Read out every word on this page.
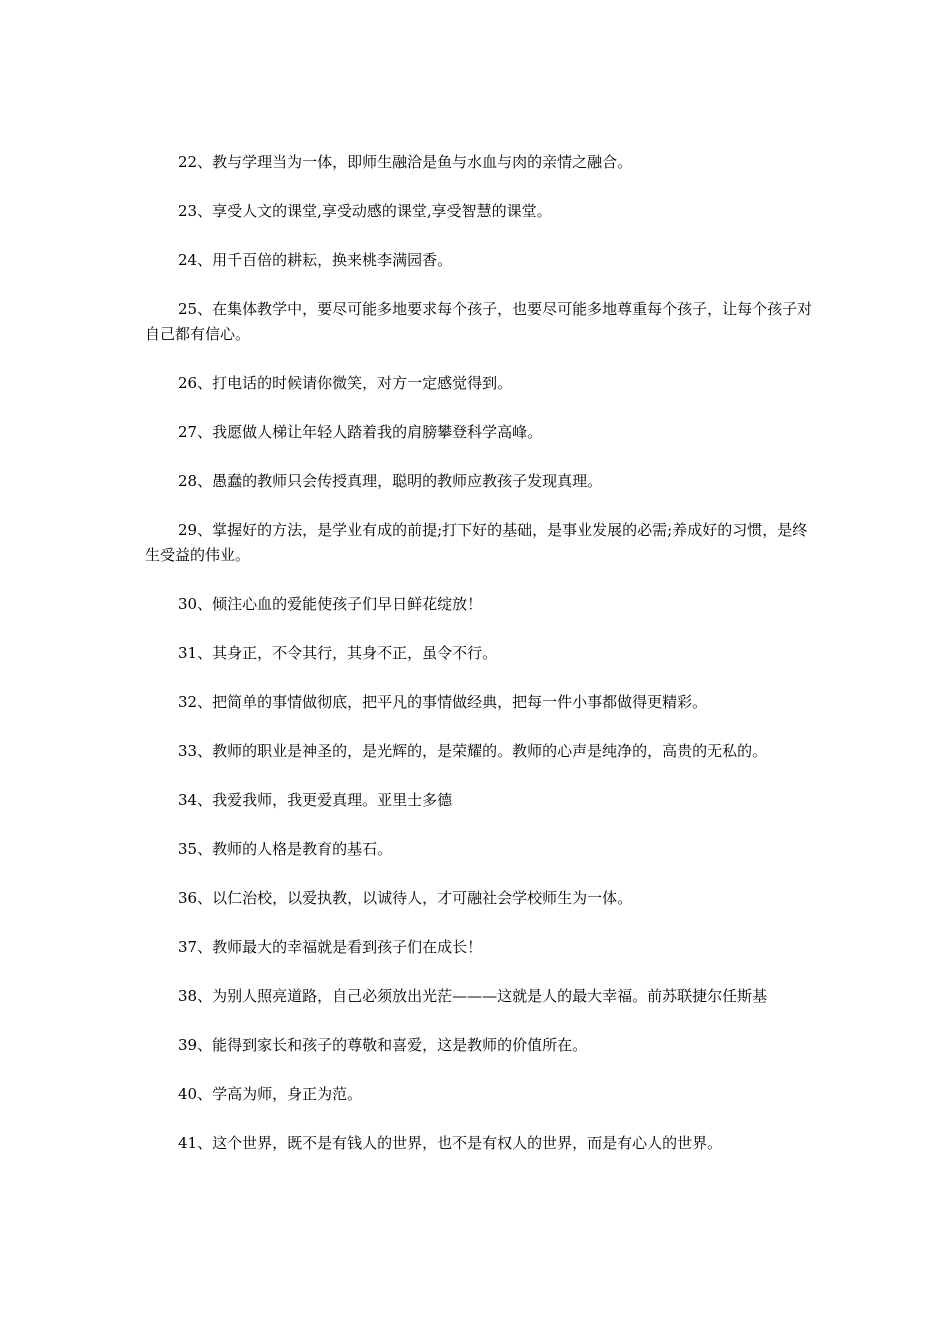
22、教与学理当为一体，即师生融洽是鱼与水血与肉的亲情之融合。

23、享受人文的课堂,享受动感的课堂,享受智慧的课堂。

24、用千百倍的耕耘，换来桃李满园香。

25、在集体教学中，要尽可能多地要求每个孩子，也要尽可能多地尊重每个孩子，让每个孩子对自己都有信心。

26、打电话的时候请你微笑，对方一定感觉得到。

27、我愿做人梯让年轻人踏着我的肩膀攀登科学高峰。

28、愚蠢的教师只会传授真理，聪明的教师应教孩子发现真理。

29、掌握好的方法，是学业有成的前提;打下好的基础，是事业发展的必需;养成好的习惯，是终生受益的伟业。

30、倾注心血的爱能使孩子们早日鲜花绽放！

31、其身正，不令其行，其身不正，虽令不行。

32、把简单的事情做彻底，把平凡的事情做经典，把每一件小事都做得更精彩。

33、教师的职业是神圣的，是光辉的，是荣耀的。教师的心声是纯净的，高贵的无私的。

34、我爱我师，我更爱真理。亚里士多德

35、教师的人格是教育的基石。

36、以仁治校，以爱执教，以诚待人，才可融社会学校师生为一体。

37、教师最大的幸福就是看到孩子们在成长！

38、为别人照亮道路，自己必须放出光茫———这就是人的最大幸福。前苏联捷尔任斯基

39、能得到家长和孩子的尊敬和喜爱，这是教师的价值所在。

40、学高为师，身正为范。

41、这个世界，既不是有钱人的世界，也不是有权人的世界，而是有心人的世界。
